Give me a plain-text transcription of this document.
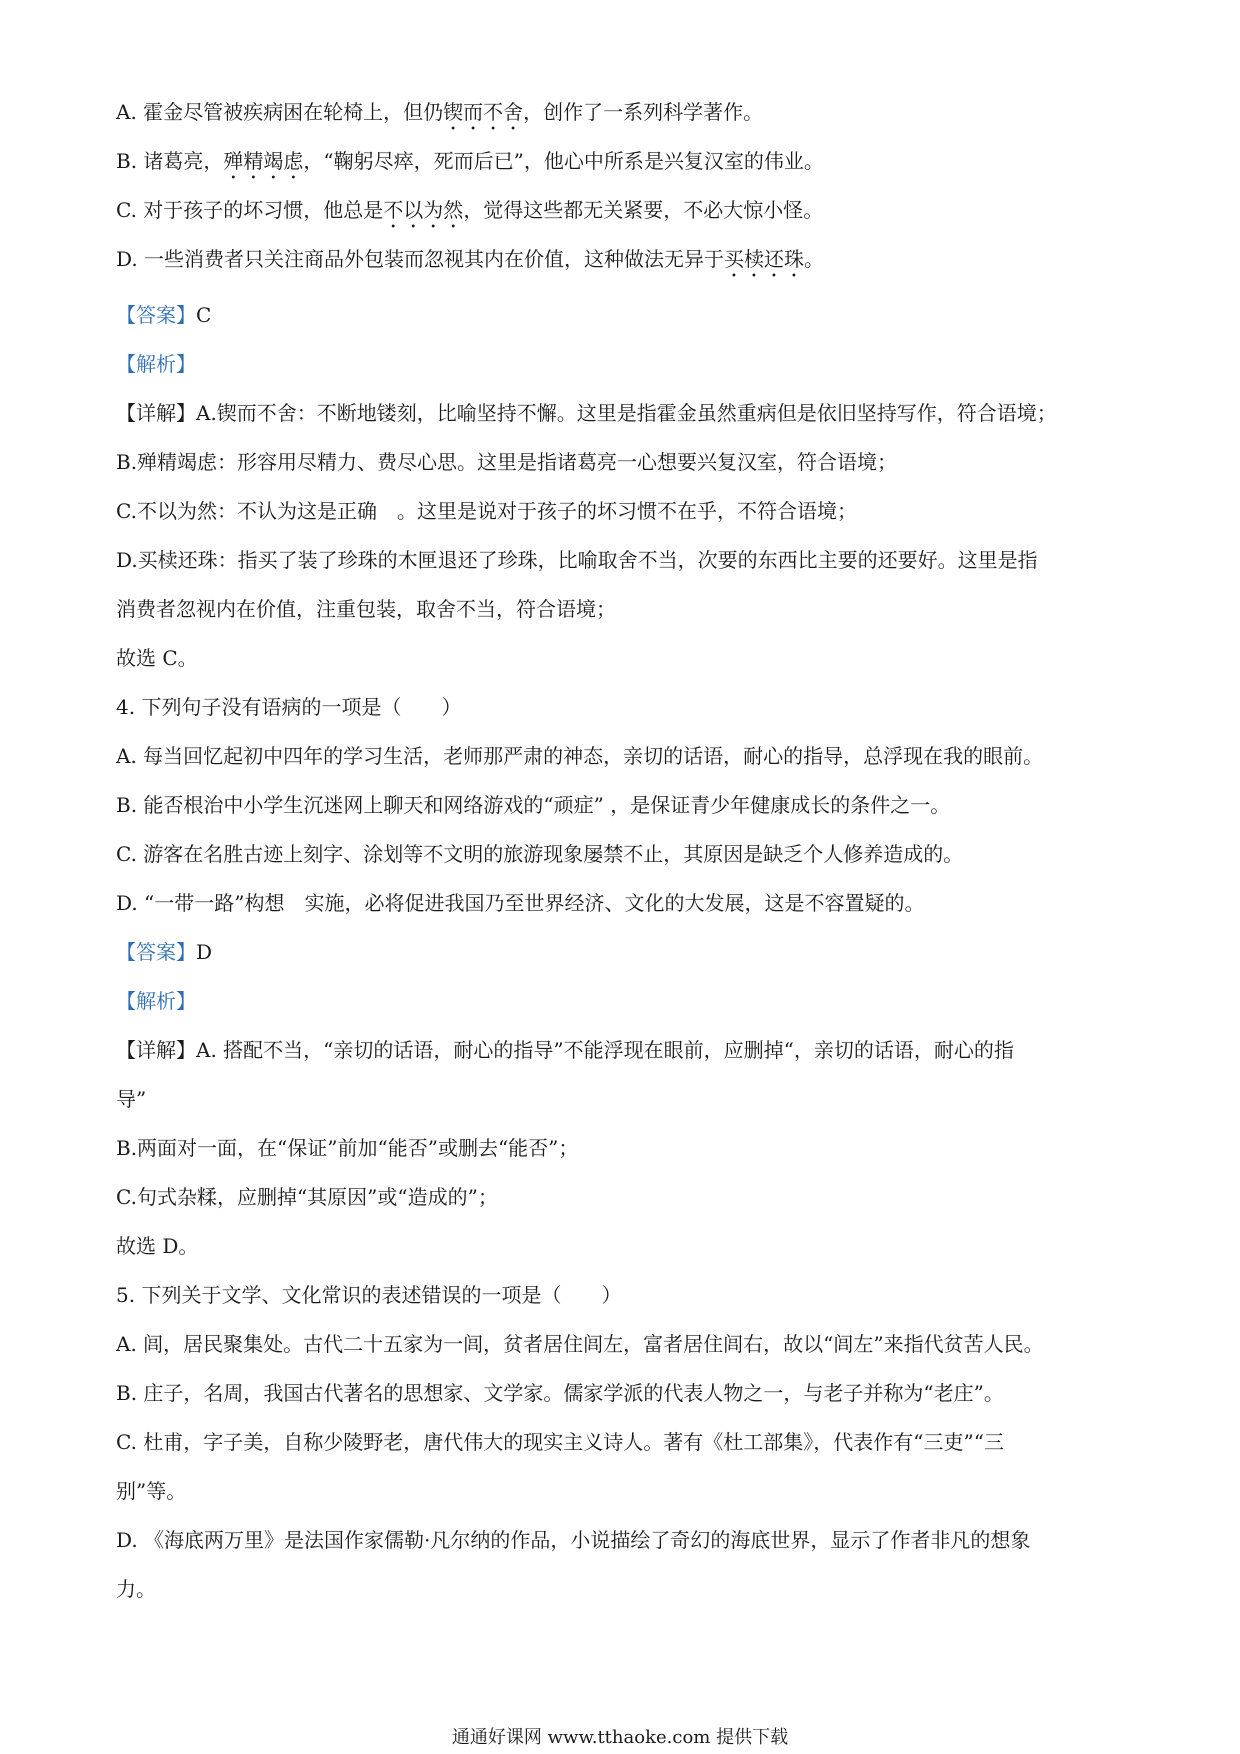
A. 霍金尽管被疾病困在轮椅上，但仍锲而不舍，创作了一系列科学著作。
B. 诸葛亮，殚精竭虑，“鞠躬尽瘁，死而后已”，他心中所系是兴复汉室的伟业。
C. 对于孩子的坏习惯，他总是不以为然，觉得这些都无关紧要，不必大惊小怪。
D. 一些消费者只关注商品外包装而忽视其内在价值，这种做法无异于买椟还珠。
【答案】C
【解析】
【详解】A.锲而不舍：不断地镂刻，比喻坚持不懈。这里是指霍金虽然重病但是依旧坚持写作，符合语境；
B.殚精竭虑：形容用尽精力、费尽心思。这里是指诸葛亮一心想要兴复汉室，符合语境；
C.不以为然：不认为这是正确　。这里是说对于孩子的坏习惯不在乎，不符合语境；
D.买椟还珠：指买了装了珍珠的木匣退还了珍珠，比喻取舍不当，次要的东西比主要的还要好。这里是指
消费者忽视内在价值，注重包装，取舍不当，符合语境；
故选 C。
4. 下列句子没有语病的一项是（　　）
A. 每当回忆起初中四年的学习生活，老师那严肃的神态，亲切的话语，耐心的指导，总浮现在我的眼前。
B. 能否根治中小学生沉迷网上聊天和网络游戏的“顽症” ，是保证青少年健康成长的条件之一。
C. 游客在名胜古迹上刻字、涂划等不文明的旅游现象屡禁不止，其原因是缺乏个人修养造成的。
D. “一带一路”构想　实施，必将促进我国乃至世界经济、文化的大发展，这是不容置疑的。
【答案】D
【解析】
【详解】A. 搭配不当，“亲切的话语，耐心的指导”不能浮现在眼前，应删掉“，亲切的话语，耐心的指
导”
B.两面对一面，在“保证”前加“能否”或删去“能否”；
C.句式杂糅，应删掉“其原因”或“造成的”；
故选 D。
5. 下列关于文学、文化常识的表述错误的一项是（　　）
A. 闾，居民聚集处。古代二十五家为一闾，贫者居住闾左，富者居住闾右，故以“闾左”来指代贫苦人民。
B. 庄子，名周，我国古代著名的思想家、文学家。儒家学派的代表人物之一，与老子并称为“老庄”。
C. 杜甫，字子美，自称少陵野老，唐代伟大的现实主义诗人。著有《杜工部集》，代表作有“三吏”“三
别”等。
D. 《海底两万里》是法国作家儒勒·凡尔纳的作品，小说描绘了奇幻的海底世界，显示了作者非凡的想象
力。
通通好课网 www.tthaoke.com 提供下载
